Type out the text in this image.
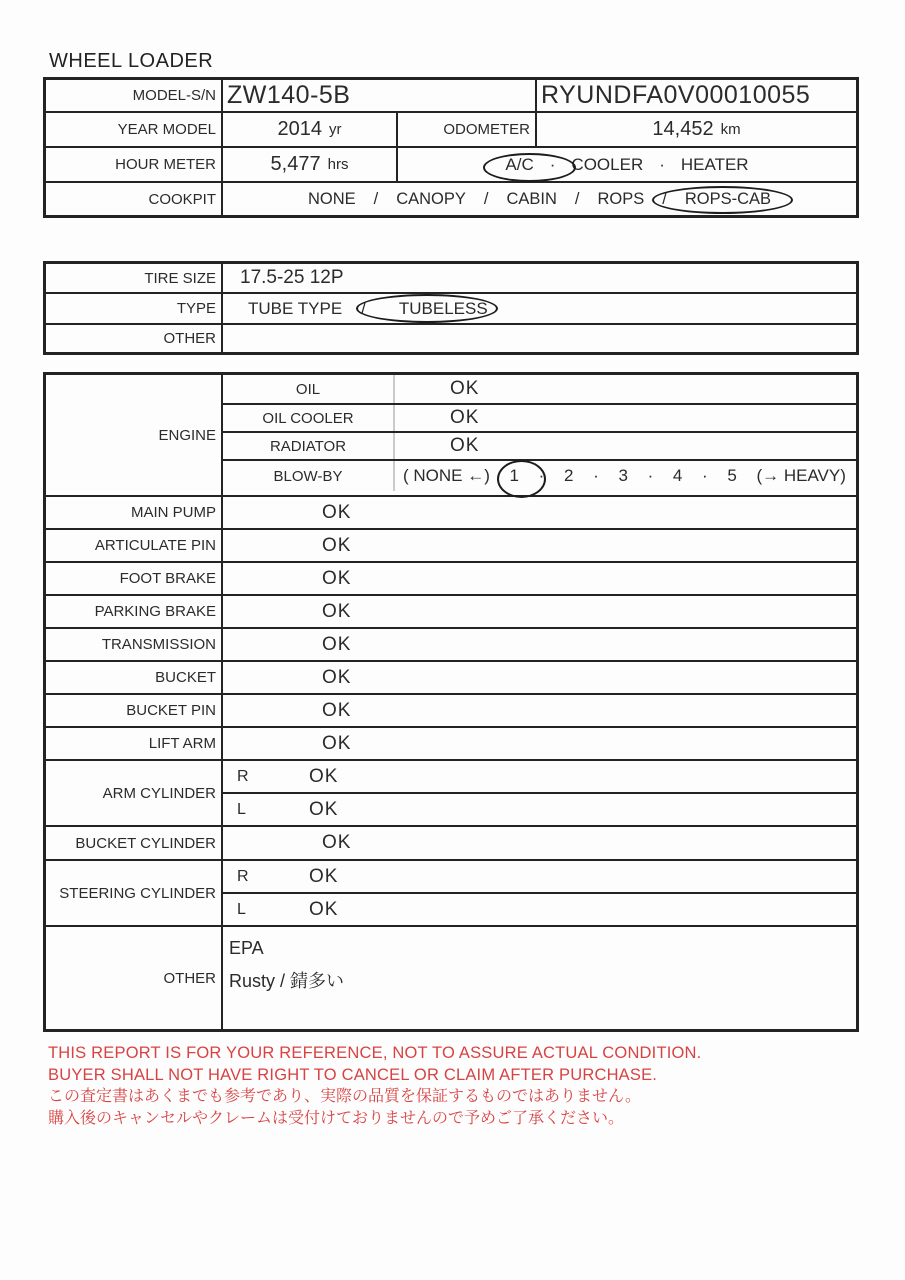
WHEEL LOADER
MODEL-S/N ZW140-5B	RYUNDFA0V00010055
YEAR MODEL	2014 yr	ODOMETER	14,452 km
HOUR METER	5,477 hrs	A/C · COOLER · HEATER
COOKPIT	NONE / CANOPY / CABIN / ROPS / ROPS-CAB
TIRE SIZE	17.5-25 12P
TYPE	TUBE TYPE / TUBELESS
OTHER
ENGINE
OIL	OK
OIL COOLER	OK
RADIATOR	OK
BLOW-BY	( NONE ←) 1 · 2 · 3 · 4 · 5 (→ HEAVY)
MAIN PUMP	OK
ARTICULATE PIN	OK
FOOT BRAKE	OK
PARKING BRAKE	OK
TRANSMISSION	OK
BUCKET	OK
BUCKET PIN	OK
LIFT ARM	OK
ARM CYLINDER
R	OK
L	OK
BUCKET CYLINDER	OK
STEERING CYLINDER
R	OK
L	OK
OTHER
EPA
Rusty / 錆多い
THIS REPORT IS FOR YOUR REFERENCE, NOT TO ASSURE ACTUAL CONDITION.
BUYER SHALL NOT HAVE RIGHT TO CANCEL OR CLAIM AFTER PURCHASE.
この査定書はあくまでも参考であり、実際の品質を保証するものではありません。
購入後のキャンセルやクレームは受付けておりませんので予めご了承ください。
